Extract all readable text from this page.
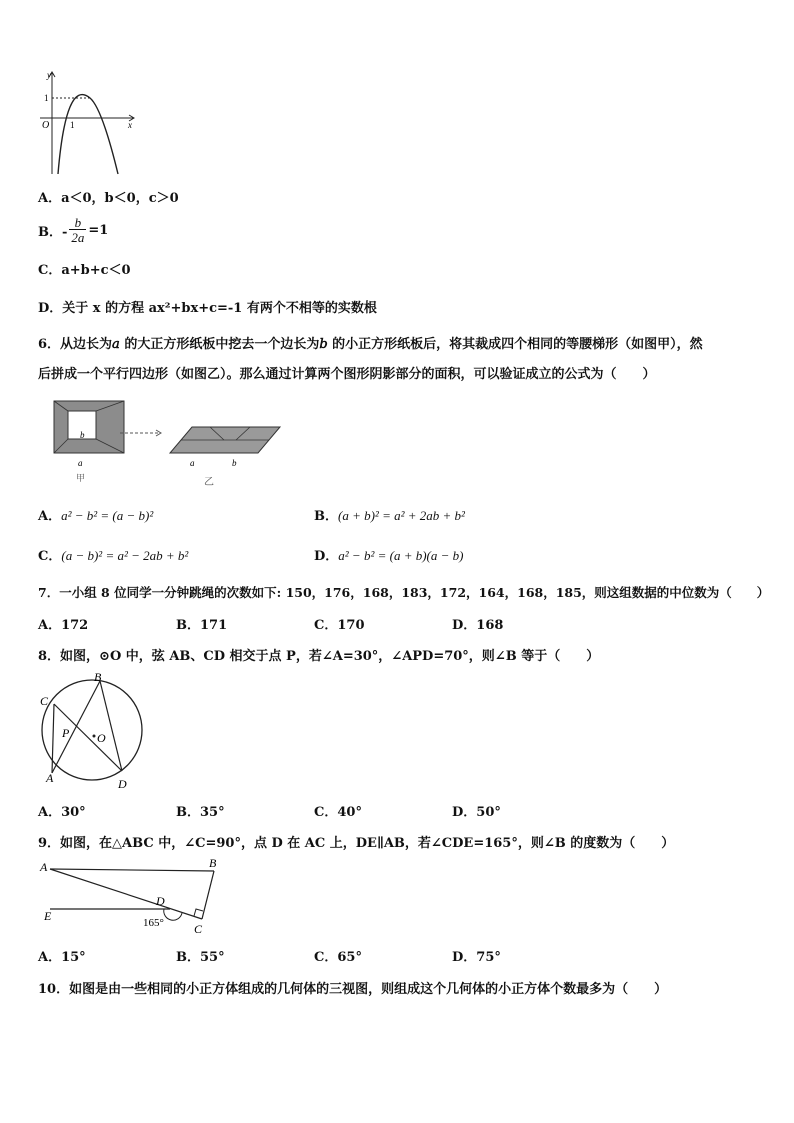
y
x
O
1
1
A．a＜0，b＜0，c＞0
B．- $\frac{b}{2a} =1$
C．a+b+c＜0
D．关于 x 的方程 ax²+bx+c=-1 有两个不相等的实数根
6．从边长为𝑎 的大正方形纸板中挖去一个边长为𝑏 的小正方形纸板后，将其裁成四个相同的等腰梯形（如图甲），然
后拼成一个平行四边形（如图乙）。那么通过计算两个图形阴影部分的面积，可以验证成立的公式为（　　）
b
a
甲
a	b
乙
A．a² − b² = (a − b)²	B．(a + b)² = a² + 2ab + b²
C．(a − b)² = a² − 2ab + b²	D．a² − b² = (a + b)(a − b)
7．一小组 8 位同学一分钟跳绳的次数如下: 150，176，168，183，172，164，168，185，则这组数据的中位数为（　　）
A．172	B．171	C．170	D．168
8．如图，⊙O 中，弦 AB、CD 相交于点 P，若∠A=30°，∠APD=70°，则∠B 等于（　　）
B
C
P O
A	D
A．30°	B．35°	C．40°	D．50°
9．如图，在△ABC 中，∠C=90°，点 D 在 AC 上，DE∥AB，若∠CDE=165°，则∠B 的度数为（　　）
A	B
D
E
C
165°
A．15°	B．55°	C．65°	D．75°
10．如图是由一些相同的小正方体组成的几何体的三视图，则组成这个几何体的小正方体个数最多为（　　）
